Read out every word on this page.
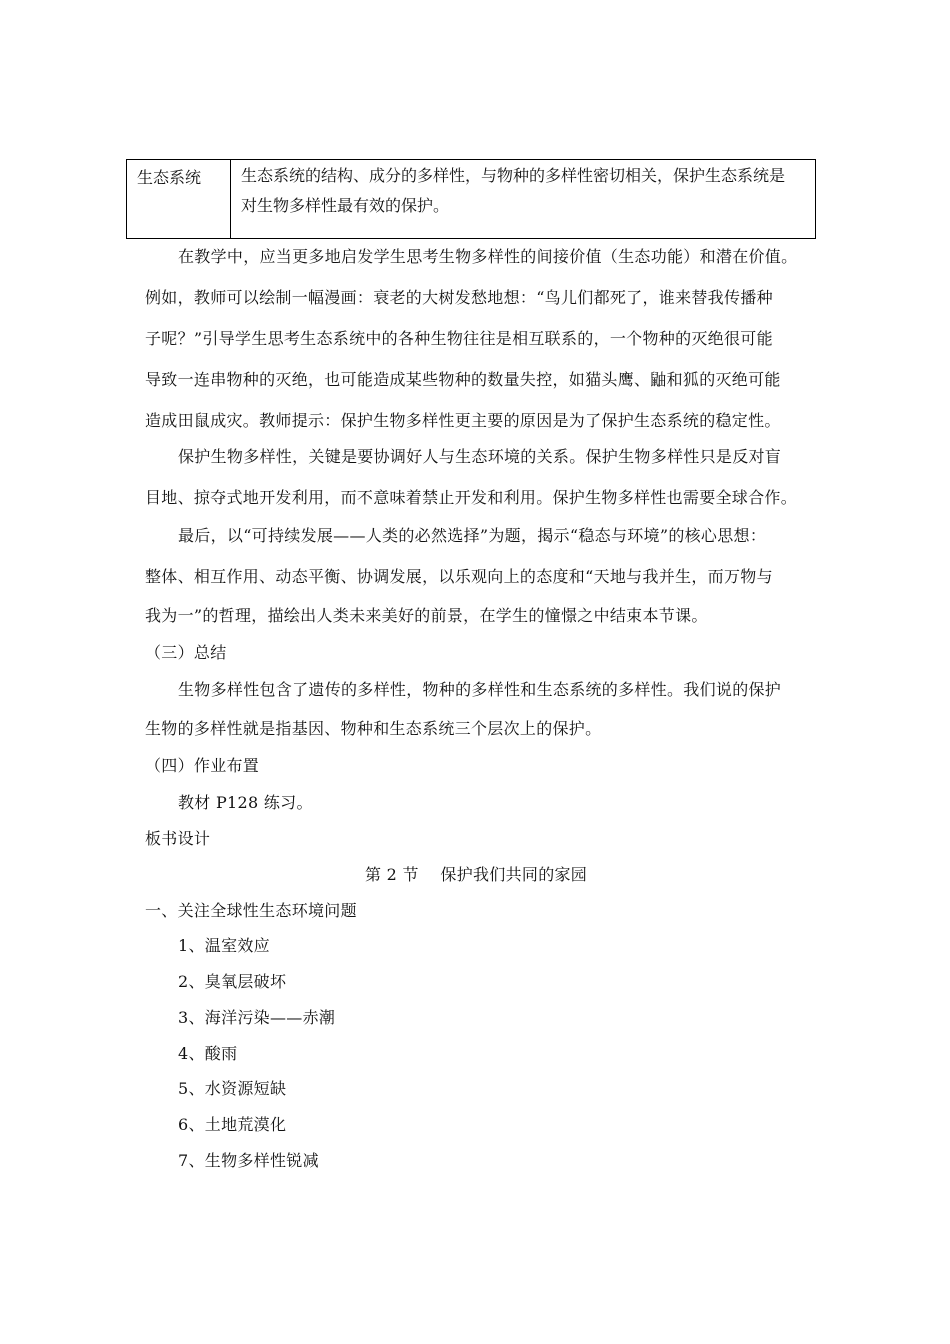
生态系统	生态系统的结构、成分的多样性，与物种的多样性密切相关，保护生态系统是
对生物多样性最有效的保护。
在教学中，应当更多地启发学生思考生物多样性的间接价值（生态功能）和潜在价值。
例如，教师可以绘制一幅漫画：衰老的大树发愁地想：“鸟儿们都死了，谁来替我传播种
子呢？”引导学生思考生态系统中的各种生物往往是相互联系的，一个物种的灭绝很可能
导致一连串物种的灭绝，也可能造成某些物种的数量失控，如猫头鹰、鼬和狐的灭绝可能
造成田鼠成灾。教师提示：保护生物多样性更主要的原因是为了保护生态系统的稳定性。
保护生物多样性，关键是要协调好人与生态环境的关系。保护生物多样性只是反对盲
目地、掠夺式地开发利用，而不意味着禁止开发和利用。保护生物多样性也需要全球合作。
最后，以“可持续发展——人类的必然选择”为题，揭示“稳态与环境”的核心思想：
整体、相互作用、动态平衡、协调发展，以乐观向上的态度和“天地与我并生，而万物与
我为一”的哲理，描绘出人类未来美好的前景，在学生的憧憬之中结束本节课。
（三）总结
生物多样性包含了遗传的多样性，物种的多样性和生态系统的多样性。我们说的保护
生物的多样性就是指基因、物种和生态系统三个层次上的保护。
（四）作业布置
教材 P128 练习。
板书设计
第 2 节    保护我们共同的家园
一、关注全球性生态环境问题
1、温室效应
2、臭氧层破坏
3、海洋污染——赤潮
4、酸雨
5、水资源短缺
6、土地荒漠化
7、生物多样性锐减
